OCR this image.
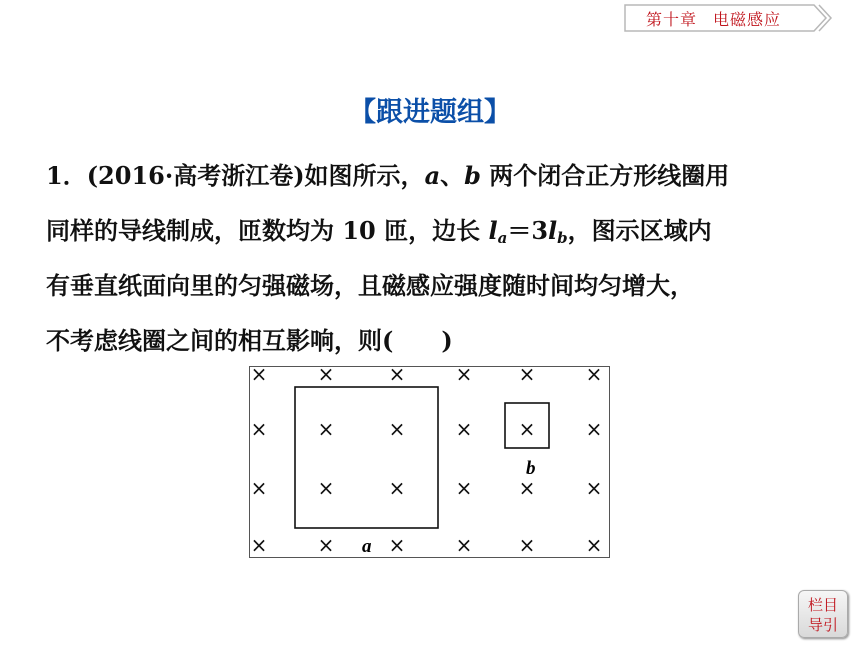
第十章 电磁感应
【跟进题组】
1．(2016·高考浙江卷)如图所示，a、b 两个闭合正方形线圈用
同样的导线制成，匝数均为 10 匝，边长 $l_a=3l_b$，图示区域内
有垂直纸面向里的匀强磁场，且磁感应强度随时间均匀增大，
不考虑线圈之间的相互影响，则(　　)
×	×	×	× ×	×
×	×	×	× ×	×
×	×	×	× ×	×
×	×	×	× ×	×
a
b
栏目
导引
